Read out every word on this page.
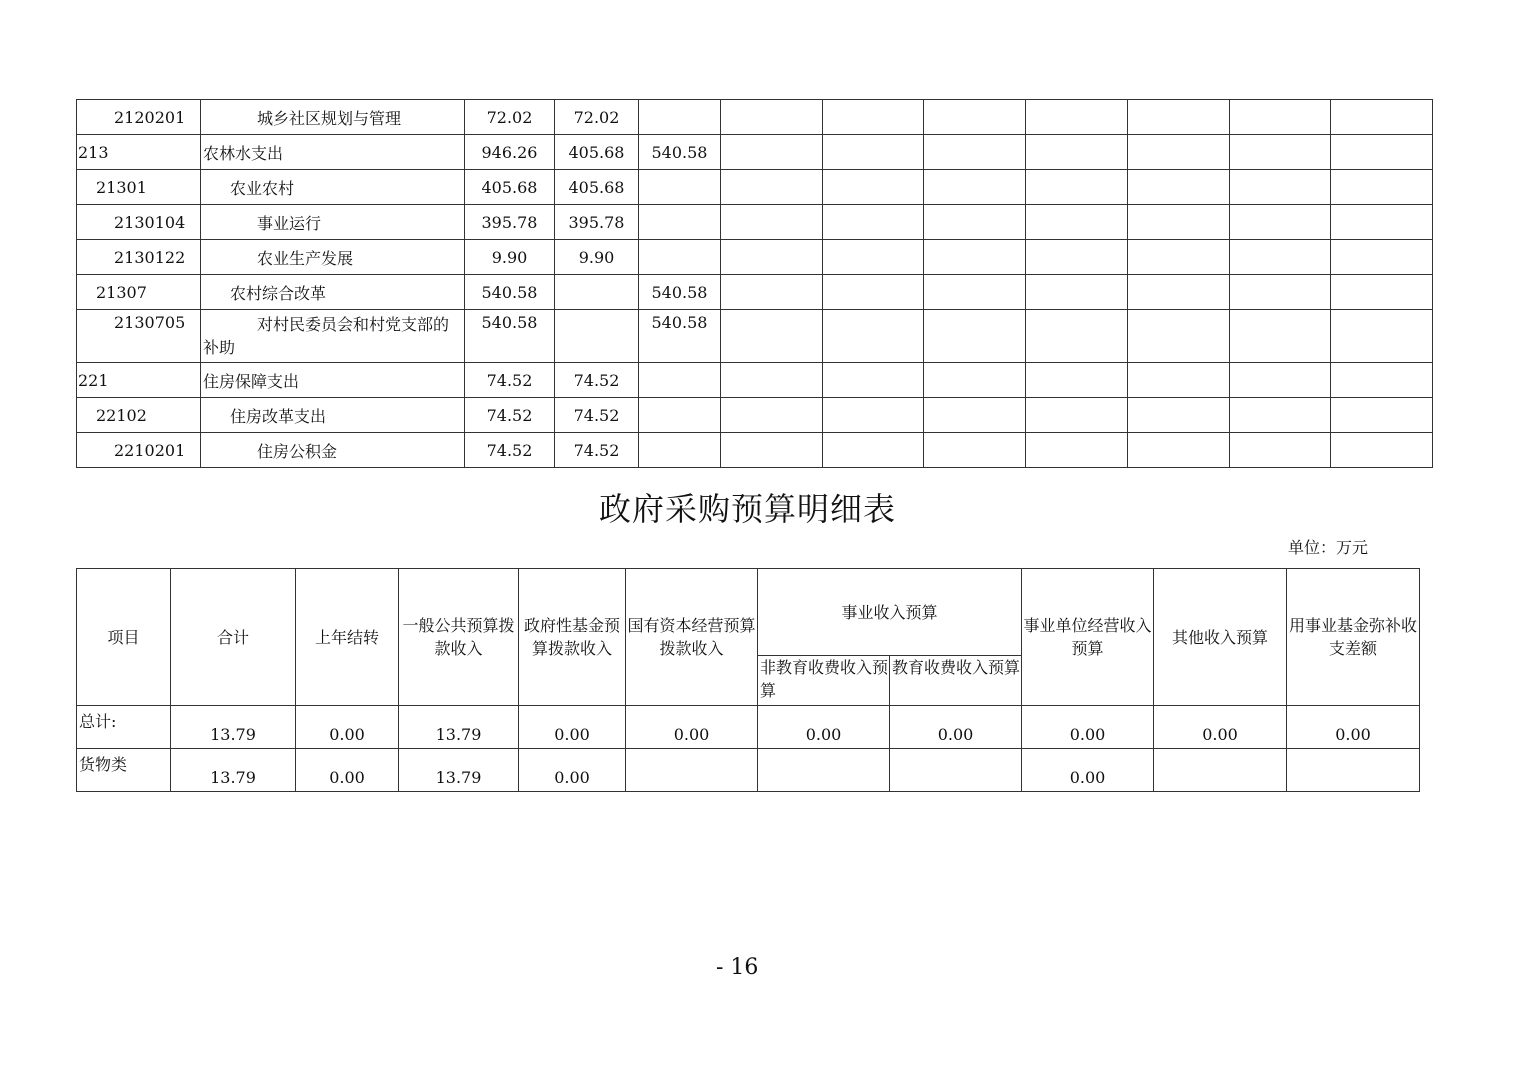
2120201	城乡社区规划与管理	72.02	72.02								
213	农林水支出	946.26	405.68	540.58							
21301	农业农村	405.68	405.68								
2130104	事业运行	395.78	395.78								
2130122	农业生产发展	9.90	9.90								
21307	农村综合改革	540.58		540.58							
2130705	对村民委员会和村党支部的补助	540.58		540.58							
221	住房保障支出	74.52	74.52								
22102	住房改革支出	74.52	74.52								
2210201	住房公积金	74.52	74.52								
政府采购预算明细表
单位：万元
项目	合计	上年结转	一般公共预算拨款收入	政府性基金预算拨款收入	国有资本经营预算拨款收入	事业收入预算		事业单位经营收入预算	其他收入预算	用事业基金弥补收支差额
						非教育收费收入预算	教育收费收入预算			
总计:	13.79	0.00	13.79	0.00	0.00	0.00	0.00	0.00	0.00	0.00
货物类	13.79	0.00	13.79	0.00				0.00		
- 16
